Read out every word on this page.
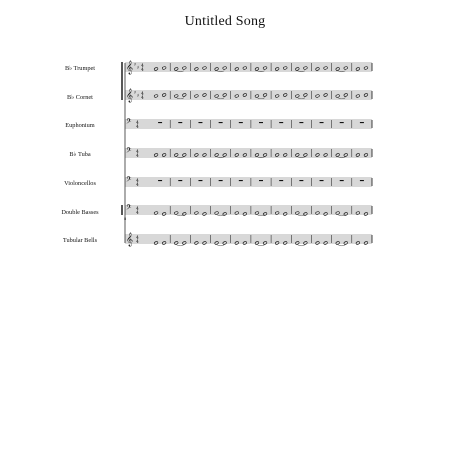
Untitled Song
B♭ Trumpet
B♭ Cornet
Euphonium
B♭ Tuba
Violoncellos
Double Basses
Tubular Bells
𝄞 ♯
♯ 4
4
𝄞 ♯
♯ 4
4
𝄢 4
4
𝄢 4
4
𝄢 4
4
𝄢 4
4
8
𝄞 4
4
